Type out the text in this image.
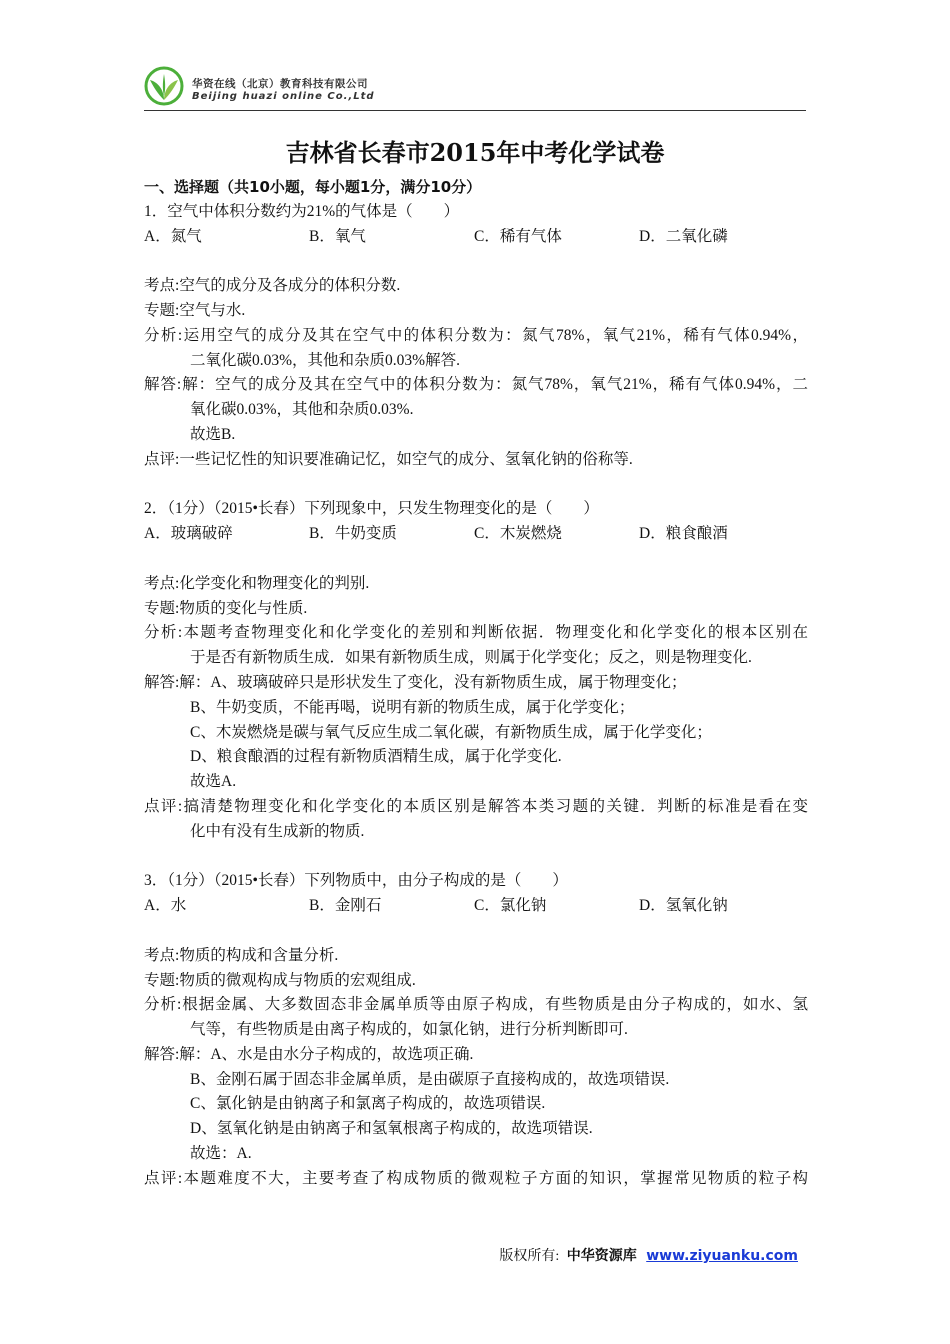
华资在线（北京）教育科技有限公司
Beijing huazi online Co.,Ltd
吉林省长春市2015年中考化学试卷
一、选择题（共10小题，每小题1分，满分10分）
1．空气中体积分数约为21%的气体是（　　）
A．氮气	B．氧气	C．稀有气体	D．二氧化磷
考点:空气的成分及各成分的体积分数.
专题:空气与水.
分析:运用空气的成分及其在空气中的体积分数为：氮气78%，氧气21%，稀有气体0.94%，
二氧化碳0.03%，其他和杂质0.03%解答.
解答:解：空气的成分及其在空气中的体积分数为：氮气78%，氧气21%，稀有气体0.94%，二
氧化碳0.03%，其他和杂质0.03%.
故选B.
点评:一些记忆性的知识要准确记忆，如空气的成分、氢氧化钠的俗称等.
2．（1分）（2015•长春）下列现象中，只发生物理变化的是（　　）
A．玻璃破碎	B．牛奶变质	C．木炭燃烧	D．粮食酿酒
考点:化学变化和物理变化的判别.
专题:物质的变化与性质.
分析:本题考查物理变化和化学变化的差别和判断依据．物理变化和化学变化的根本区别在
于是否有新物质生成．如果有新物质生成，则属于化学变化；反之，则是物理变化.
解答:解：A、玻璃破碎只是形状发生了变化，没有新物质生成，属于物理变化；
B、牛奶变质，不能再喝，说明有新的物质生成，属于化学变化；
C、木炭燃烧是碳与氧气反应生成二氧化碳，有新物质生成，属于化学变化；
D、粮食酿酒的过程有新物质酒精生成，属于化学变化.
故选A.
点评:搞清楚物理变化和化学变化的本质区别是解答本类习题的关键．判断的标准是看在变
化中有没有生成新的物质.
3．（1分）（2015•长春）下列物质中，由分子构成的是（　　）
A．水	B．金刚石	C．氯化钠	D．氢氧化钠
考点:物质的构成和含量分析.
专题:物质的微观构成与物质的宏观组成.
分析:根据金属、大多数固态非金属单质等由原子构成，有些物质是由分子构成的，如水、氢
气等，有些物质是由离子构成的，如氯化钠，进行分析判断即可.
解答:解：A、水是由水分子构成的，故选项正确.
B、金刚石属于固态非金属单质，是由碳原子直接构成的，故选项错误.
C、氯化钠是由钠离子和氯离子构成的，故选项错误.
D、氢氧化钠是由钠离子和氢氧根离子构成的，故选项错误.
故选：A.
点评:本题难度不大，主要考查了构成物质的微观粒子方面的知识，掌握常见物质的粒子构
版权所有: 中华资源库 www.ziyuanku.com
